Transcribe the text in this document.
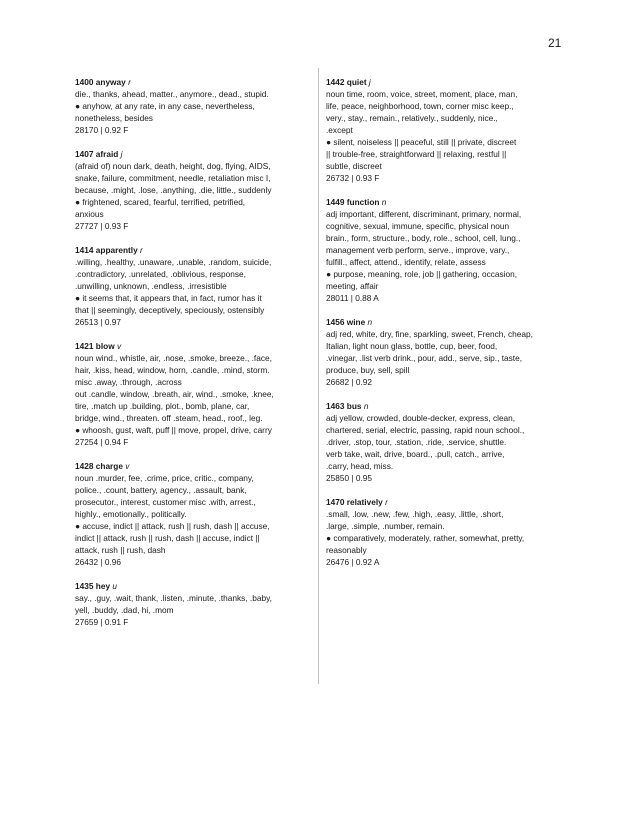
21
1400 anyway r
die., thanks, ahead, matter., anymore., dead., stupid.
● anyhow, at any rate, in any case, nevertheless,
nonetheless, besides
28170 | 0.92 F
1407 afraid j
(afraid of) noun dark, death, height, dog, flying, AIDS,
snake, failure, commitment, needle, retaliation misc I,
because, .might, .lose, .anything, .die, little., suddenly
● frightened, scared, fearful, terrified, petrified,
anxious
27727 | 0.93 F
1414 apparently r
.willing, .healthy, .unaware, .unable, .random, suicide,
.contradictory, .unrelated, .oblivious, response,
.unwilling, unknown, .endless, .irresistible
● it seems that, it appears that, in fact, rumor has it
that || seemingly, deceptively, speciously, ostensibly
26513 | 0.97
1421 blow v
noun wind., whistle, air, .nose, .smoke, breeze., .face,
hair, .kiss, head, window, horn, .candle, .mind, storm.
misc .away, .through, .across
out .candle, window, .breath, air, wind., .smoke, .knee,
tire, .match up .building, plot., bomb, plane, car,
bridge, wind., threaten. off .steam, head., roof., leg.
● whoosh, gust, waft, puff || move, propel, drive, carry
27254 | 0.94 F
1428 charge v
noun .murder, fee, .crime, price, critic., company,
police., .count, battery, agency., .assault, bank,
prosecutor., interest, customer misc .with, arrest.,
highly., emotionally., politically.
● accuse, indict || attack, rush || rush, dash || accuse,
indict || attack, rush || rush, dash || accuse, indict ||
attack, rush || rush, dash
26432 | 0.96
1435 hey u
say., .guy, .wait, thank, .listen, .minute, .thanks, .baby,
yell, .buddy, .dad, hi, .mom
27659 | 0.91 F
1442 quiet j
noun time, room, voice, street, moment, place, man,
life, peace, neighborhood, town, corner misc keep.,
very., stay., remain., relatively., suddenly, nice.,
.except
● silent, noiseless || peaceful, still || private, discreet
|| trouble-free, straightforward || relaxing, restful ||
subtle, discreet
26732 | 0.93 F
1449 function n
adj important, different, discriminant, primary, normal,
cognitive, sexual, immune, specific, physical noun
brain., form, structure., body, role., school, cell, lung.,
management verb perform, serve., improve, vary.,
fulfill., affect, attend., identify, relate, assess
● purpose, meaning, role, job || gathering, occasion,
meeting, affair
28011 | 0.88 A
1456 wine n
adj red, white, dry, fine, sparkling, sweet, French, cheap,
Italian, light noun glass, bottle, cup, beer, food,
.vinegar, .list verb drink., pour, add., serve, sip., taste,
produce, buy, sell, spill
26682 | 0.92
1463 bus n
adj yellow, crowded, double-decker, express, clean,
chartered, serial, electric, passing, rapid noun school.,
.driver, .stop, tour, .station, .ride, .service, shuttle.
verb take, wait, drive, board., .pull, catch., arrive,
.carry, head, miss.
25850 | 0.95
1470 relatively r
.small, .low, .new, .few, .high, .easy, .little, .short,
.large, .simple, .number, remain.
● comparatively, moderately, rather, somewhat, pretty,
reasonably
26476 | 0.92 A
